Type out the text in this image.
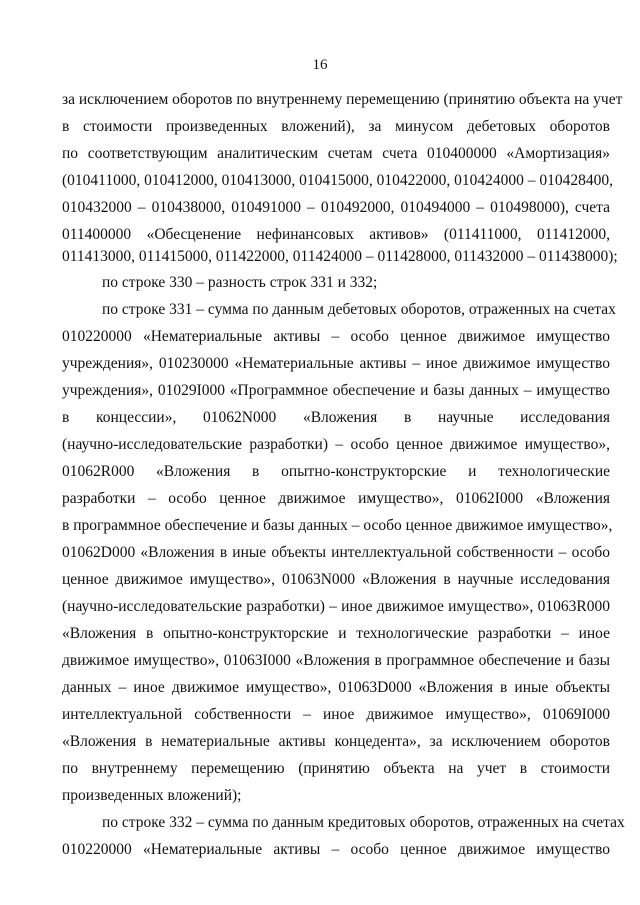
16
за исключением оборотов по внутреннему перемещению (принятию объекта на учет
в стоимости произведенных вложений), за минусом дебетовых оборотов
по соответствующим аналитическим счетам счета 010400000 «Амортизация»
(010411000, 010412000, 010413000, 010415000, 010422000, 010424000 – 010428400,
010432000 – 010438000, 010491000 – 010492000, 010494000 – 010498000), счета
011400000 «Обесценение нефинансовых активов» (011411000, 011412000,
011413000, 011415000, 011422000, 011424000 – 011428000, 011432000 – 011438000);
по строке 330 – разность строк 331 и 332;
по строке 331 – сумма по данным дебетовых оборотов, отраженных на счетах
010220000 «Нематериальные активы – особо ценное движимое имущество
учреждения», 010230000 «Нематериальные активы – иное движимое имущество
учреждения», 01029I000 «Программное обеспечение и базы данных – имущество
в концессии», 01062N000 «Вложения в научные исследования
(научно-исследовательские разработки) – особо ценное движимое имущество»,
01062R000 «Вложения в опытно-конструкторские и технологические
разработки – особо ценное движимое имущество», 01062I000 «Вложения
в программное обеспечение и базы данных – особо ценное движимое имущество»,
01062D000 «Вложения в иные объекты интеллектуальной собственности – особо
ценное движимое имущество», 01063N000 «Вложения в научные исследования
(научно-исследовательские разработки) – иное движимое имущество», 01063R000
«Вложения в опытно-конструкторские и технологические разработки – иное
движимое имущество», 01063I000 «Вложения в программное обеспечение и базы
данных – иное движимое имущество», 01063D000 «Вложения в иные объекты
интеллектуальной собственности – иное движимое имущество», 01069I000
«Вложения в нематериальные активы концедента», за исключением оборотов
по внутреннему перемещению (принятию объекта на учет в стоимости
произведенных вложений);
по строке 332 – сумма по данным кредитовых оборотов, отраженных на счетах
010220000 «Нематериальные активы – особо ценное движимое имущество
